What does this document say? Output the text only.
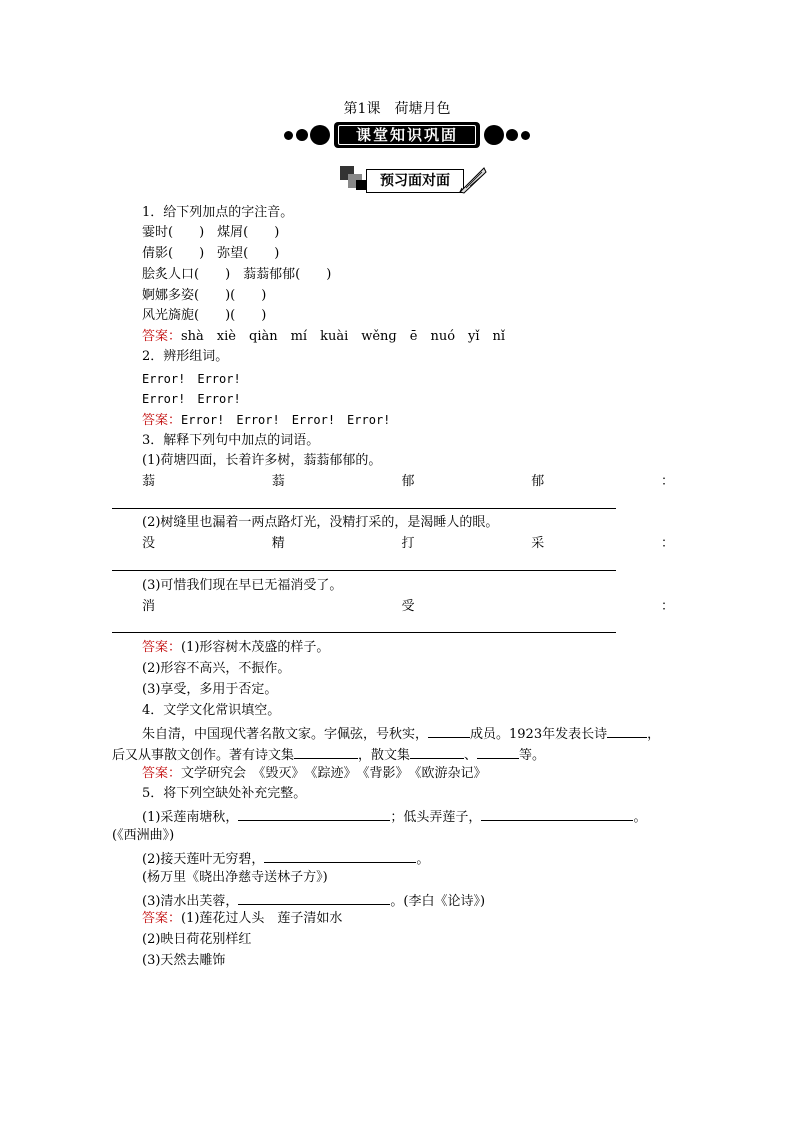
第1课　荷塘月色
课堂知识巩固
预习面对面
1．给下列加点的字注音。
霎时(　　)　煤屑(　　)
倩影(　　)　弥望(　　)
脍炙人口(　　)　蓊蓊郁郁(　　)
婀娜多姿(　　)(　　)
风光旖旎(　　)(　　)
答案：shà　xiè　qiàn　mí　kuài　wěnɡ　ē　nuó　yǐ　nǐ
2．辨形组词。
Error!　Error!
Error!　Error!
答案：Error!　Error!　Error!　Error!
3．解释下列句中加点的词语。
(1)荷塘四面，长着许多树，蓊蓊郁郁的。
蓊	蓊	郁	郁	：
(2)树缝里也漏着一两点路灯光，没精打采的，是渴睡人的眼。
没	精	打	采	：
(3)可惜我们现在早已无福消受了。
消	受	：
答案：(1)形容树木茂盛的样子。
(2)形容不高兴，不振作。
(3)享受，多用于否定。
4．文学文化常识填空。
朱自清，中国现代著名散文家。字佩弦，号秋实，	成员。1923年发表长诗	，
后又从事散文创作。著有诗文集	，散文集	、	等。
答案：文学研究会　《毁灭》　《踪迹》　《背影》　《欧游杂记》
5．将下列空缺处补充完整。
(1)采莲南塘秋，	；低头弄莲子，	。
(《西洲曲》)
(2)接天莲叶无穷碧，	。
(杨万里《晓出净慈寺送林子方》)
(3)清水出芙蓉，	。(李白《论诗》)
答案：(1)莲花过人头　莲子清如水
(2)映日荷花别样红
(3)天然去雕饰
